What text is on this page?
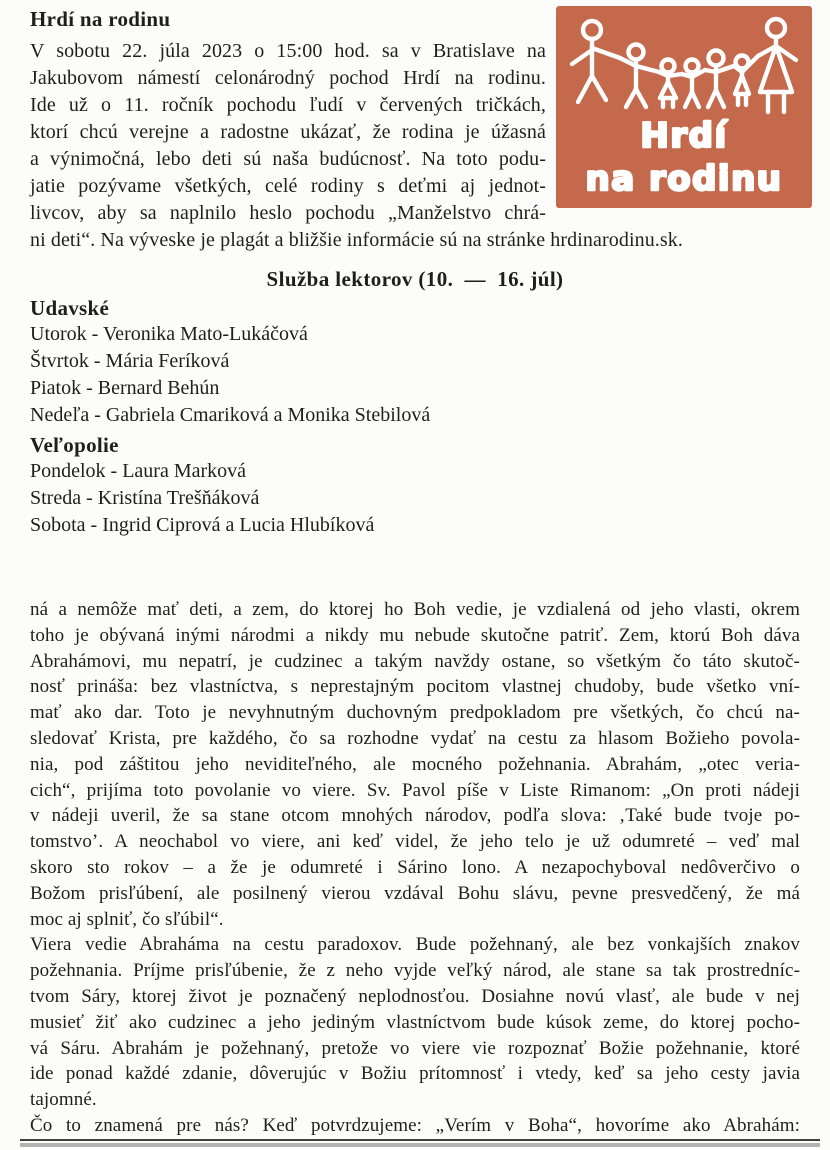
Hrdí
na rodinu
Hrdí na rodinu
V sobotu 22. júla 2023 o 15:00 hod. sa v Bratislave na
Jakubovom námestí celonárodný pochod Hrdí na rodinu.
Ide už o 11. ročník pochodu ľudí v červených tričkách,
ktorí chcú verejne a radostne ukázať, že rodina je úžasná
a výnimočná, lebo deti sú naša budúcnosť. Na toto podu-
jatie pozývame všetkých, celé rodiny s deťmi aj jednot-
livcov, aby sa naplnilo heslo pochodu „Manželstvo chrá-
ni deti“. Na výveske je plagát a bližšie informácie sú na stránke hrdinarodinu.sk.
Služba lektorov (10.  —  16. júl)
Udavské
Utorok - Veronika Mato-Lukáčová
Štvrtok - Mária Feríková
Piatok - Bernard Behún
Nedeľa - Gabriela Cmariková a Monika Stebilová
Veľopolie
Pondelok - Laura Marková
Streda - Kristína Trešňáková
Sobota - Ingrid Ciprová a Lucia Hlubíková
ná a nemôže mať deti, a zem, do ktorej ho Boh vedie, je vzdialená od jeho vlasti, okrem
toho je obývaná inými národmi a nikdy mu nebude skutočne patriť. Zem, ktorú Boh dáva
Abrahámovi, mu nepatrí, je cudzinec a takým navždy ostane, so všetkým čo táto skutoč-
nosť prináša: bez vlastníctva, s neprestajným pocitom vlastnej chudoby, bude všetko vní-
mať ako dar. Toto je nevyhnutným duchovným predpokladom pre všetkých, čo chcú na-
sledovať Krista, pre každého, čo sa rozhodne vydať na cestu za hlasom Božieho povola-
nia, pod záštitou jeho neviditeľného, ale mocného požehnania. Abrahám, „otec veria-
cich“, prijíma toto povolanie vo viere. Sv. Pavol píše v Liste Rimanom: „On proti nádeji
v nádeji uveril, že sa stane otcom mnohých národov, podľa slova: ‚Také bude tvoje po-
tomstvo’. A neochabol vo viere, ani keď videl, že jeho telo je už odumreté – veď mal
skoro sto rokov – a že je odumreté i Sárino lono. A nezapochyboval nedôverčivo o
Božom prisľúbení, ale posilnený vierou vzdával Bohu slávu, pevne presvedčený, že má
moc aj splniť, čo sľúbil“.
Viera vedie Abraháma na cestu paradoxov. Bude požehnaný, ale bez vonkajších znakov
požehnania. Príjme prisľúbenie, že z neho vyjde veľký národ, ale stane sa tak prostredníc-
tvom Sáry, ktorej život je poznačený neplodnosťou. Dosiahne novú vlasť, ale bude v nej
musieť žiť ako cudzinec a jeho jediným vlastníctvom bude kúsok zeme, do ktorej pocho-
vá Sáru. Abrahám je požehnaný, pretože vo viere vie rozpoznať Božie požehnanie, ktoré
ide ponad každé zdanie, dôverujúc v Božiu prítomnosť i vtedy, keď sa jeho cesty javia
tajomné.
Čo to znamená pre nás? Keď potvrdzujeme: „Verím v Boha“, hovoríme ako Abrahám:
